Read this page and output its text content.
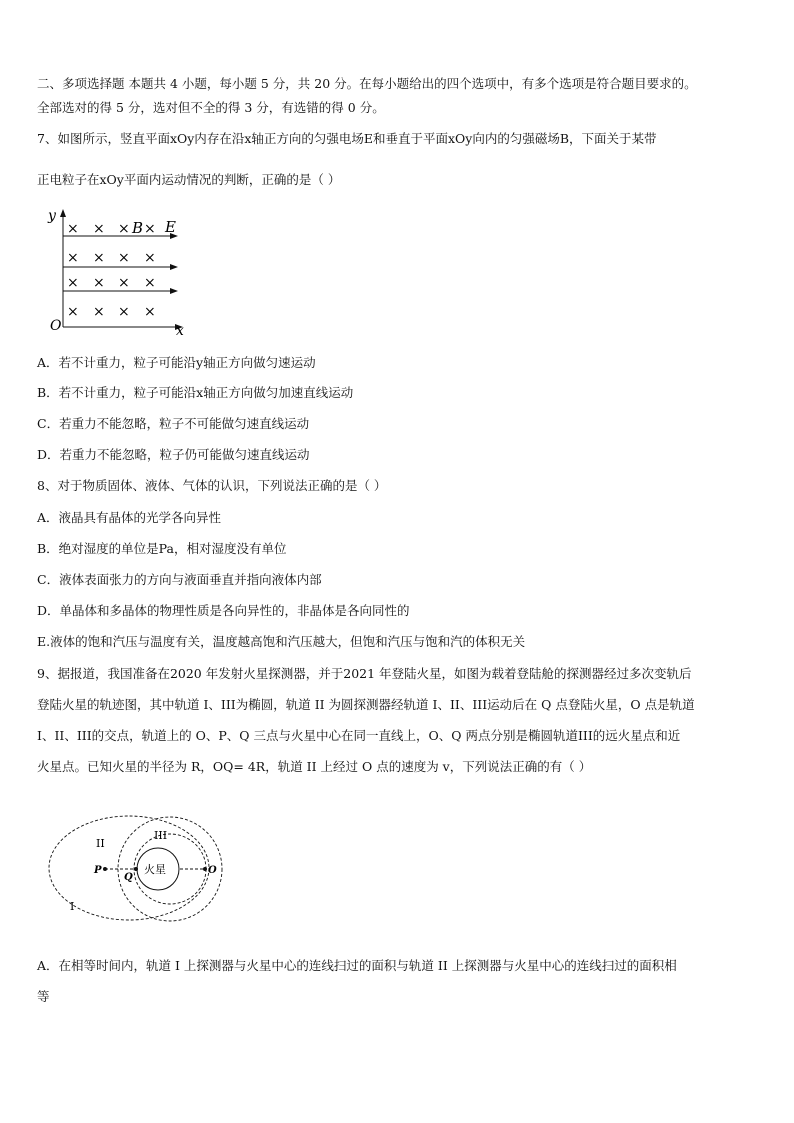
二、多项选择题 本题共 4 小题，每小题 5 分，共 20 分。在每小题给出的四个选项中，有多个选项是符合题目要求的。
全部选对的得 5 分，选对但不全的得 3 分，有选错的得 0 分。
7、如图所示，竖直平面xOy内存在沿x轴正方向的匀强电场E和垂直于平面xOy向内的匀强磁场B，下面关于某带
正电粒子在xOy平面内运动情况的判断，正确的是（ ）
y
x
O
× × × B × E
× × × ×
× × × ×
× × × ×
A．若不计重力，粒子可能沿y轴正方向做匀速运动
B．若不计重力，粒子可能沿x轴正方向做匀加速直线运动
C．若重力不能忽略，粒子不可能做匀速直线运动
D．若重力不能忽略，粒子仍可能做匀速直线运动
8、对于物质固体、液体、气体的认识，下列说法正确的是（ ）
A．液晶具有晶体的光学各向异性
B．绝对湿度的单位是Pa，相对湿度没有单位
C．液体表面张力的方向与液面垂直并指向液体内部
D．单晶体和多晶体的物理性质是各向异性的，非晶体是各向同性的
E.液体的饱和汽压与温度有关，温度越高饱和汽压越大，但饱和汽压与饱和汽的体积无关
9、据报道，我国准备在2020 年发射火星探测器，并于2021 年登陆火星，如图为载着登陆舱的探测器经过多次变轨后
登陆火星的轨迹图，其中轨道 I、III为椭圆，轨道 II 为圆探测器经轨道 I、II、III运动后在 Q 点登陆火星，O 点是轨道
I、II、III的交点，轨道上的 O、P、Q 三点与火星中心在同一直线上，O、Q 两点分别是椭圆轨道III的远火星点和近
火星点。已知火星的半径为 R，OQ= 4R，轨道 II 上经过 O 点的速度为 v，下列说法正确的有（ ）
火星
P
Q
O
II
III
I
A．在相等时间内，轨道 I 上探测器与火星中心的连线扫过的面积与轨道 II 上探测器与火星中心的连线扫过的面积相
等
